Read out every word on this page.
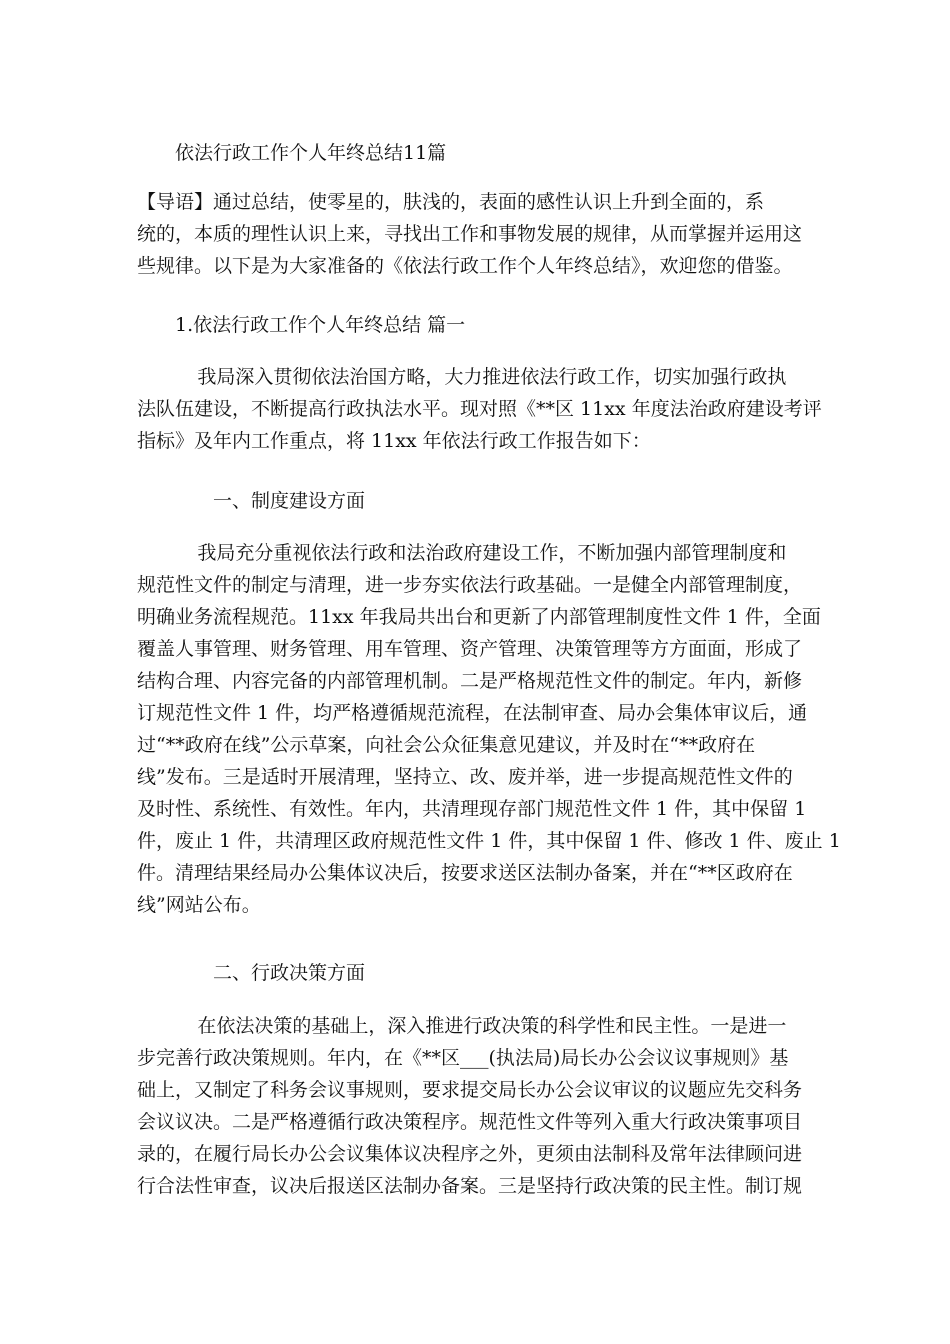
依法行政工作个人年终总结11篇
【导语】通过总结，使零星的，肤浅的，表面的感性认识上升到全面的，系
统的，本质的理性认识上来，寻找出工作和事物发展的规律，从而掌握并运用这
些规律。以下是为大家准备的《依法行政工作个人年终总结》，欢迎您的借鉴。
1.依法行政工作个人年终总结 篇一
我局深入贯彻依法治国方略，大力推进依法行政工作，切实加强行政执
法队伍建设，不断提高行政执法水平。现对照《**区 11xx 年度法治政府建设考评
指标》及年内工作重点，将 11xx 年依法行政工作报告如下：
一、制度建设方面
我局充分重视依法行政和法治政府建设工作，不断加强内部管理制度和
规范性文件的制定与清理，进一步夯实依法行政基础。一是健全内部管理制度，
明确业务流程规范。11xx 年我局共出台和更新了内部管理制度性文件 1 件，全面
覆盖人事管理、财务管理、用车管理、资产管理、决策管理等方方面面，形成了
结构合理、内容完备的内部管理机制。二是严格规范性文件的制定。年内，新修
订规范性文件 1 件，均严格遵循规范流程，在法制审查、局办会集体审议后，通
过“**政府在线”公示草案，向社会公众征集意见建议，并及时在“**政府在
线”发布。三是适时开展清理，坚持立、改、废并举，进一步提高规范性文件的
及时性、系统性、有效性。年内，共清理现存部门规范性文件 1 件，其中保留 1
件，废止 1 件，共清理区政府规范性文件 1 件，其中保留 1 件、修改 1 件、废止 1
件。清理结果经局办公集体议决后，按要求送区法制办备案，并在“**区政府在
线”网站公布。
二、行政决策方面
在依法决策的基础上，深入推进行政决策的科学性和民主性。一是进一
步完善行政决策规则。年内，在《**区___(执法局)局长办公会议议事规则》基
础上，又制定了科务会议事规则，要求提交局长办公会议审议的议题应先交科务
会议议决。二是严格遵循行政决策程序。规范性文件等列入重大行政决策事项目
录的，在履行局长办公会议集体议决程序之外，更须由法制科及常年法律顾问进
行合法性审查，议决后报送区法制办备案。三是坚持行政决策的民主性。制订规
